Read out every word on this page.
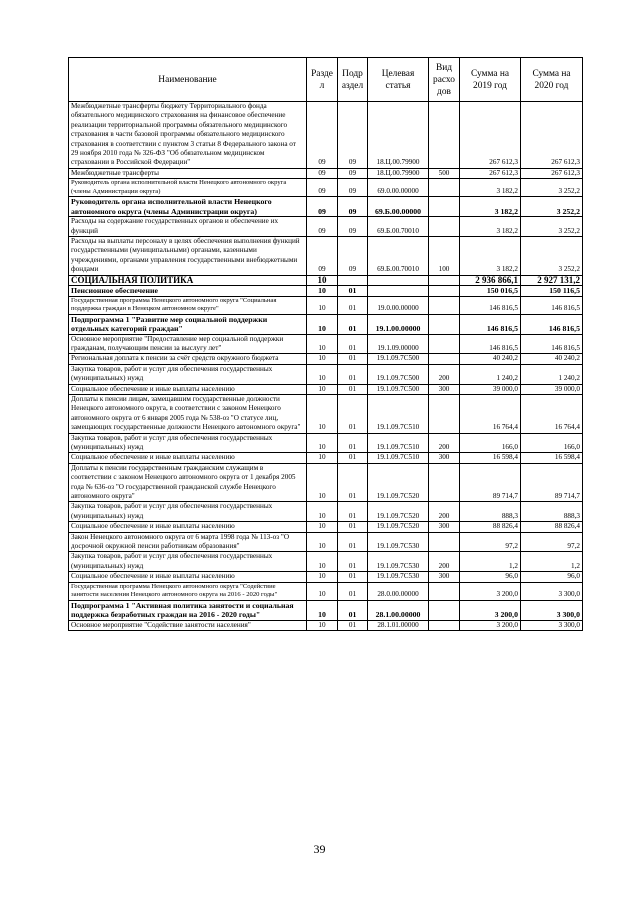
Наименование	Разде л	Подр аздел	Целевая статья	Вид расхо дов	Сумма на 2019 год	Сумма на 2020 год
Межбюджетные трансферты бюджету Территориального фонда обязательного медицинского страхования на финансовое обеспечение реализации территориальной программы обязательного медицинского страхования в части базовой программы обязательного медицинского страхования в соответствии с пунктом 3 статьи 8 Федерального закона от 29 ноября 2010 года № 326-ФЗ "Об обязательном медицинском страховании в Российской Федерации"	09	09	18.Ц.00.79900		267 612,3	267 612,3
Межбюджетные трансферты	09	09	18.Ц.00.79900	500	267 612,3	267 612,3
Руководитель органа исполнительной власти Ненецкого автономного округа (члены Администрации округа)	09	09	69.0.00.00000		3 182,2	3 252,2
Руководитель органа исполнительной власти Ненецкого автономного округа (члены Администрации округа)	09	09	69.Б.00.00000		3 182,2	3 252,2
Расходы на содержание государственных органов и обеспечение их функций	09	09	69.Б.00.70010		3 182,2	3 252,2
Расходы на выплаты персоналу в целях обеспечения выполнения функций государственными (муниципальными) органами, казенными учреждениями, органами управления государственными внебюджетными фондами	09	09	69.Б.00.70010	100	3 182,2	3 252,2
СОЦИАЛЬНАЯ ПОЛИТИКА	10				2 936 866,1	2 927 131,2
Пенсионное обеспечение	10	01			150 016,5	150 116,5
Государственная программа Ненецкого автономного округа "Социальная поддержка граждан в Ненецком автономном округе"	10	01	19.0.00.00000		146 816,5	146 816,5
Подпрограмма 1 "Развитие мер социальной поддержки отдельных категорий граждан"	10	01	19.1.00.00000		146 816,5	146 816,5
Основное мероприятие "Предоставление мер социальной поддержки гражданам, получающим пенсии за выслугу лет"	10	01	19.1.09.00000		146 816,5	146 816,5
Региональная доплата к пенсии за счёт средств окружного бюджета	10	01	19.1.09.7C500		40 240,2	40 240,2
Закупка товаров, работ и услуг для обеспечения государственных (муниципальных) нужд	10	01	19.1.09.7C500	200	1 240,2	1 240,2
Социальное обеспечение и иные выплаты населению	10	01	19.1.09.7C500	300	39 000,0	39 000,0
Доплаты к пенсии лицам, замещавшим государственные должности Ненецкого автономного округа, в соответствии с законом Ненецкого автономного округа от 6 января 2005 года № 538-оз "О статусе лиц, замещающих государственные должности Ненецкого автономного округа"	10	01	19.1.09.7C510		16 764,4	16 764,4
Закупка товаров, работ и услуг для обеспечения государственных (муниципальных) нужд	10	01	19.1.09.7C510	200	166,0	166,0
Социальное обеспечение и иные выплаты населению	10	01	19.1.09.7C510	300	16 598,4	16 598,4
Доплаты к пенсии государственным гражданским служащим в соответствии с законом Ненецкого автономного округа от 1 декабря 2005 года № 636-оз "О государственной гражданской службе Ненецкого автономного округа"	10	01	19.1.09.7C520		89 714,7	89 714,7
Закупка товаров, работ и услуг для обеспечения государственных (муниципальных) нужд	10	01	19.1.09.7C520	200	888,3	888,3
Социальное обеспечение и иные выплаты населению	10	01	19.1.09.7C520	300	88 826,4	88 826,4
Закон Ненецкого автономного округа от 6 марта 1998 года № 113-оз "О досрочной окружной пенсии работникам образования"	10	01	19.1.09.7C530		97,2	97,2
Закупка товаров, работ и услуг для обеспечения государственных (муниципальных) нужд	10	01	19.1.09.7C530	200	1,2	1,2
Социальное обеспечение и иные выплаты населению	10	01	19.1.09.7C530	300	96,0	96,0
Государственная программа Ненецкого автономного округа "Содействие занятости населения Ненецкого автономного округа на 2016 - 2020 годы"	10	01	28.0.00.00000		3 200,0	3 300,0
Подпрограмма 1 "Активная политика занятости и социальная поддержка безработных граждан на 2016 - 2020 годы"	10	01	28.1.00.00000		3 200,0	3 300,0
Основное мероприятие "Содействие занятости населения"	10	01	28.1.01.00000		3 200,0	3 300,0
39
